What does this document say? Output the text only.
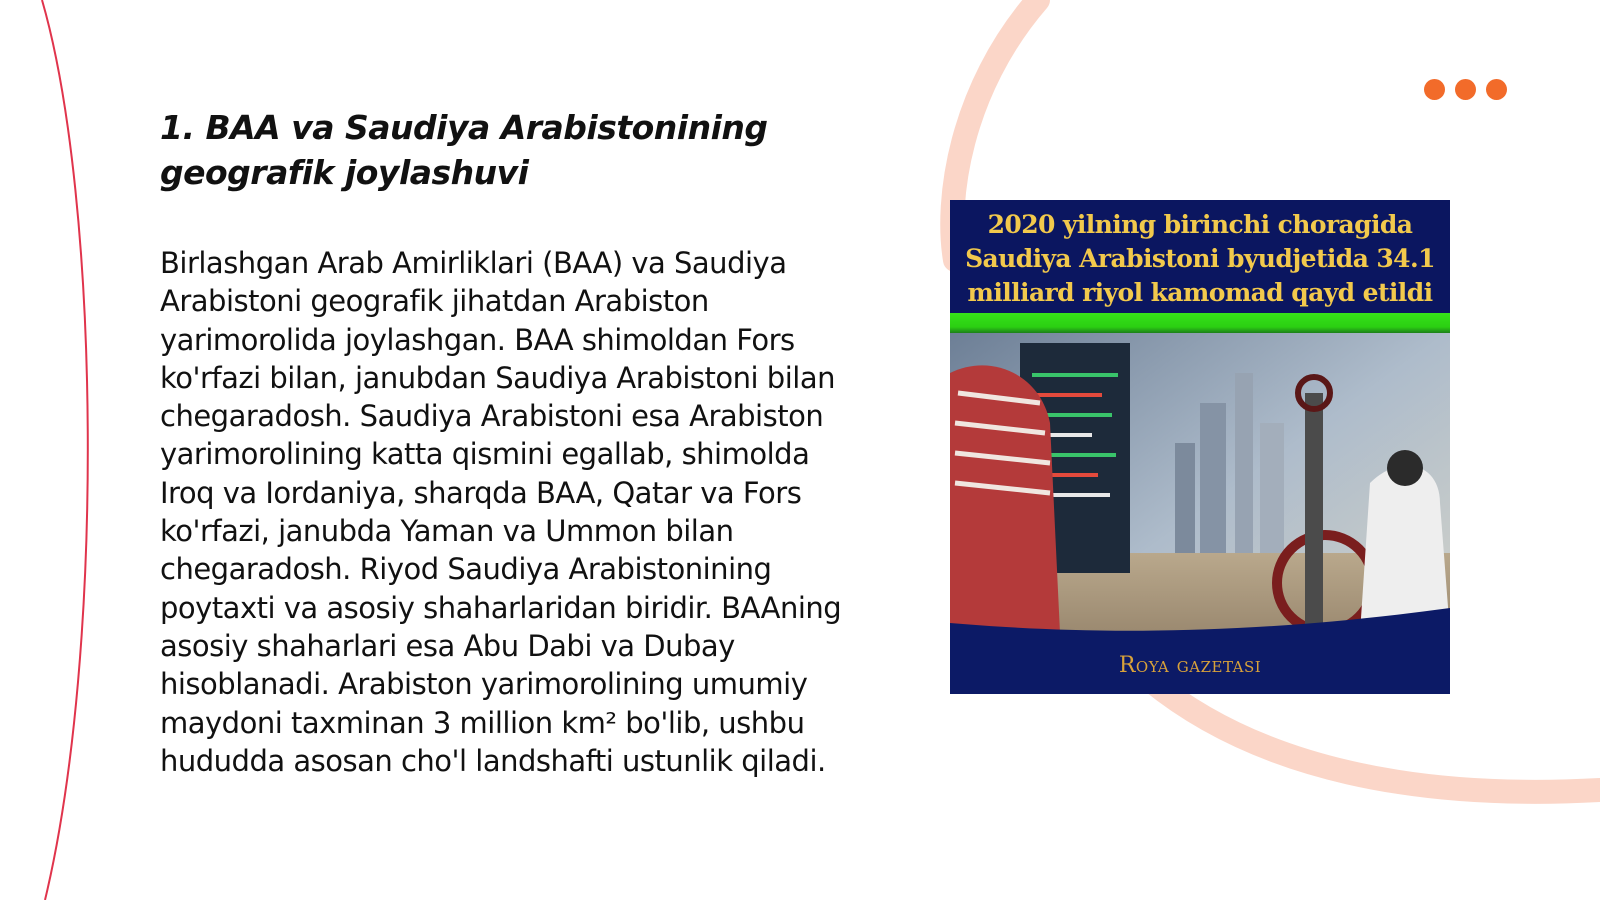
1. BAA va Saudiya Arabistonining geografik joylashuvi

Birlashgan Arab Amirliklari (BAA) va Saudiya Arabistoni geografik jihatdan Arabiston yarimorolida joylashgan. BAA shimoldan Fors ko'rfazi bilan, janubdan Saudiya Arabistoni bilan chegaradosh. Saudiya Arabistoni esa Arabiston yarimorolining katta qismini egallab, shimolda Iroq va Iordaniya, sharqda BAA, Qatar va Fors ko'rfazi, janubda Yaman va Ummon bilan chegaradosh. Riyod Saudiya Arabistonining poytaxti va asosiy shaharlaridan biridir. BAAning asosiy shaharlari esa Abu Dabi va Dubay hisoblanadi. Arabiston yarimorolining umumiy maydoni taxminan 3 million km² bo'lib, ushbu hududda asosan cho'l landshafti ustunlik qiladi.

2020 yilning birinchi choragida Saudiya Arabistoni byudjetida 34.1 milliard riyol kamomad qayd etildi

Roya gazetasi
